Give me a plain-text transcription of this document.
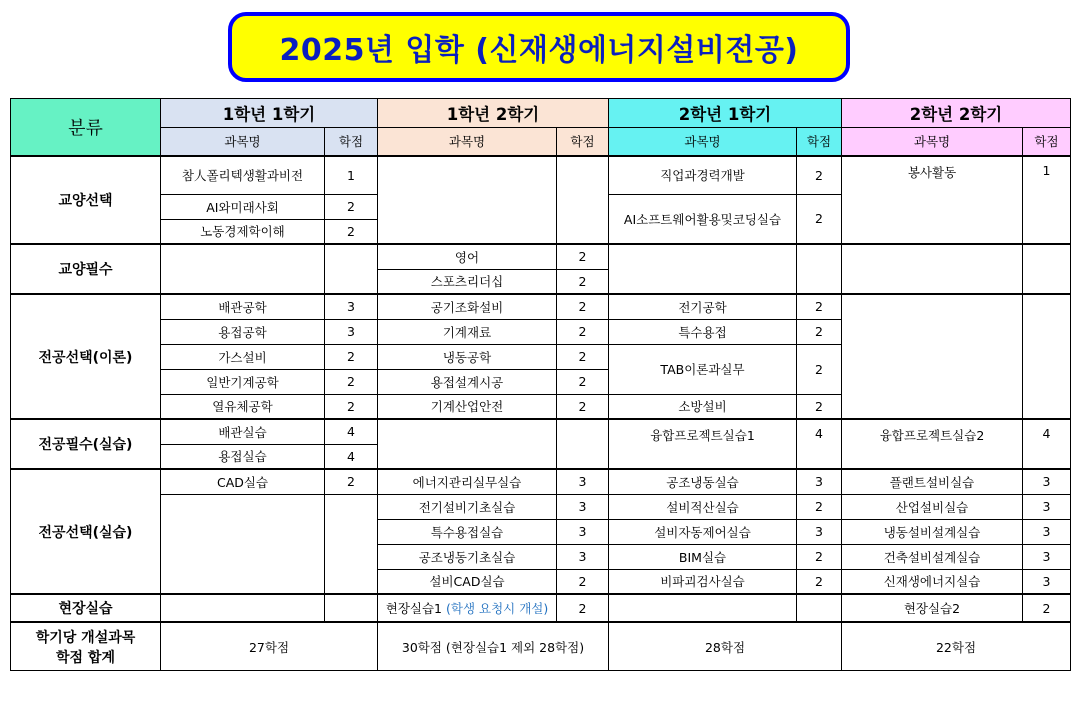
2025년 입학 (신재생에너지설비전공)
분류	1학년 1학기		1학년 2학기		2학년 1학기		2학년 2학기	
	과목명	학점	과목명	학점	과목명	학점	과목명	학점
교양선택	참人폴리텍생활과비전	1			직업과경력개발	2	봉사활동	1
	AI와미래사회	2			AI소프트웨어활용및코딩실습	2		
	노동경제학이해	2						
교양필수			영어	2				
			스포츠리더십	2				
전공선택(이론)	배관공학	3	공기조화설비	2	전기공학	2		
	용접공학	3	기계재료	2	특수용접	2		
	가스설비	2	냉동공학	2	TAB이론과실무	2		
	일반기계공학	2	용접설계시공	2				
	열유체공학	2	기계산업안전	2	소방설비	2		
전공필수(실습)	배관실습	4			융합프로젝트실습1	4	융합프로젝트실습2	4
	용접실습	4						
전공선택(실습)	CAD실습	2	에너지관리실무실습	3	공조냉동실습	3	플랜트설비실습	3
			전기설비기초실습	3	설비적산실습	2	산업설비실습	3
			특수용접실습	3	설비자동제어실습	3	냉동설비설계실습	3
			공조냉동기초실습	3	BIM실습	2	건축설비설계실습	3
			설비CAD실습	2	비파괴검사실습	2	신재생에너지실습	3
현장실습			현장실습1 (학생 요청시 개설)	2			현장실습2	2

학기당 개설과목
학점 합계	27학점		30학점 (현장실습1 제외 28학점)		28학점		22학점	
